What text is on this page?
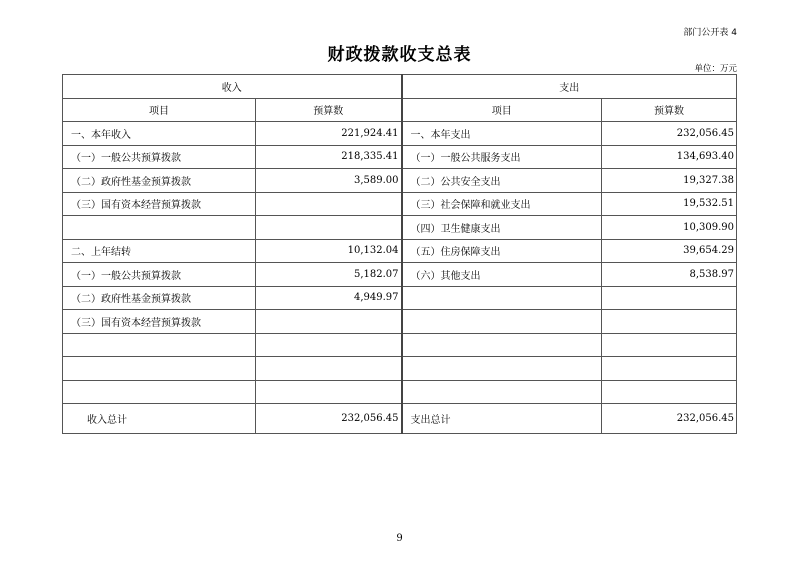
部门公开表 4
财政拨款收支总表
单位：万元
收入		支出	
项目	预算数	项目	预算数
一、本年收入	221,924.41	一、本年支出	232,056.45
（一）一般公共预算拨款	218,335.41	（一）一般公共服务支出	134,693.40
（二）政府性基金预算拨款	3,589.00	（二）公共安全支出	19,327.38
（三）国有资本经营预算拨款		（三）社会保障和就业支出	19,532.51
		（四）卫生健康支出	10,309.90
二、上年结转	10,132.04	（五）住房保障支出	39,654.29
（一）一般公共预算拨款	5,182.07	（六）其他支出	8,538.97
（二）政府性基金预算拨款	4,949.97		
（三）国有资本经营预算拨款			

收入总计	232,056.45	支出总计	232,056.45
9
